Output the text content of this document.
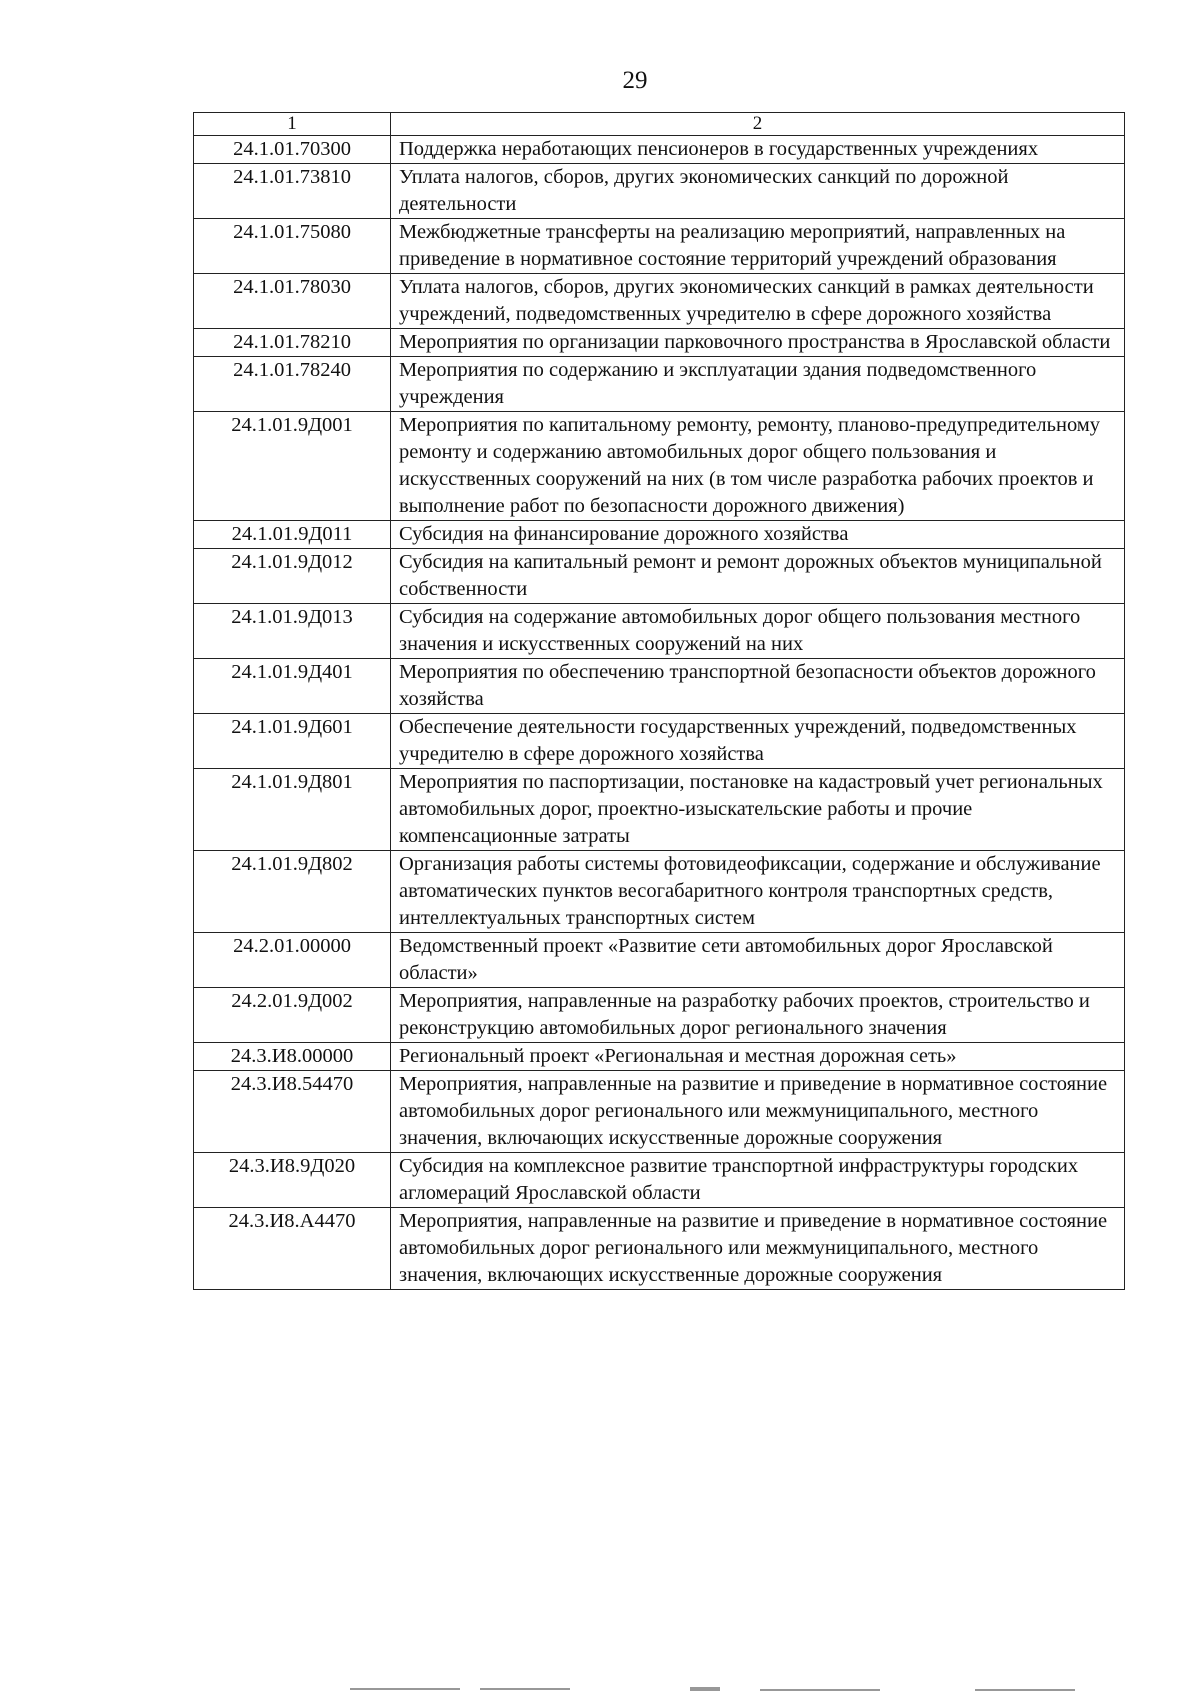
29
1	2
24.1.01.70300	Поддержка неработающих пенсионеров в государственных учреждениях
24.1.01.73810	Уплата налогов, сборов, других экономических санкций по дорожной деятельности
24.1.01.75080	Межбюджетные трансферты на реализацию мероприятий, направленных на приведение в нормативное состояние территорий учреждений образования
24.1.01.78030	Уплата налогов, сборов, других экономических санкций в рамках деятельности учреждений, подведомственных учредителю в сфере дорожного хозяйства
24.1.01.78210	Мероприятия по организации парковочного пространства в Ярославской области
24.1.01.78240	Мероприятия по содержанию и эксплуатации здания подведомственного учреждения
24.1.01.9Д001	Мероприятия по капитальному ремонту, ремонту, планово-предупредительному ремонту и содержанию автомобильных дорог общего пользования и искусственных сооружений на них (в том числе разработка рабочих проектов и выполнение работ по безопасности дорожного движения)
24.1.01.9Д011	Субсидия на финансирование дорожного хозяйства
24.1.01.9Д012	Субсидия на капитальный ремонт и ремонт дорожных объектов муниципальной собственности
24.1.01.9Д013	Субсидия на содержание автомобильных дорог общего пользования местного значения и искусственных сооружений на них
24.1.01.9Д401	Мероприятия по обеспечению транспортной безопасности объектов дорожного хозяйства
24.1.01.9Д601	Обеспечение деятельности государственных учреждений, подведомственных учредителю в сфере дорожного хозяйства
24.1.01.9Д801	Мероприятия по паспортизации, постановке на кадастровый учет региональных автомобильных дорог, проектно-изыскательские работы и прочие компенсационные затраты
24.1.01.9Д802	Организация работы системы фотовидеофиксации, содержание и обслуживание автоматических пунктов весогабаритного контроля транспортных средств, интеллектуальных транспортных систем
24.2.01.00000	Ведомственный проект «Развитие сети автомобильных дорог Ярославской области»
24.2.01.9Д002	Мероприятия, направленные на разработку рабочих проектов, строительство и реконструкцию автомобильных дорог регионального значения
24.3.И8.00000	Региональный проект «Региональная и местная дорожная сеть»
24.3.И8.54470	Мероприятия, направленные на развитие и приведение в нормативное состояние автомобильных дорог регионального или межмуниципального, местного значения, включающих искусственные дорожные сооружения
24.3.И8.9Д020	Субсидия на комплексное развитие транспортной инфраструктуры городских агломераций Ярославской области
24.3.И8.А4470	Мероприятия, направленные на развитие и приведение в нормативное состояние автомобильных дорог регионального или межмуниципального, местного значения, включающих искусственные дорожные сооружения
